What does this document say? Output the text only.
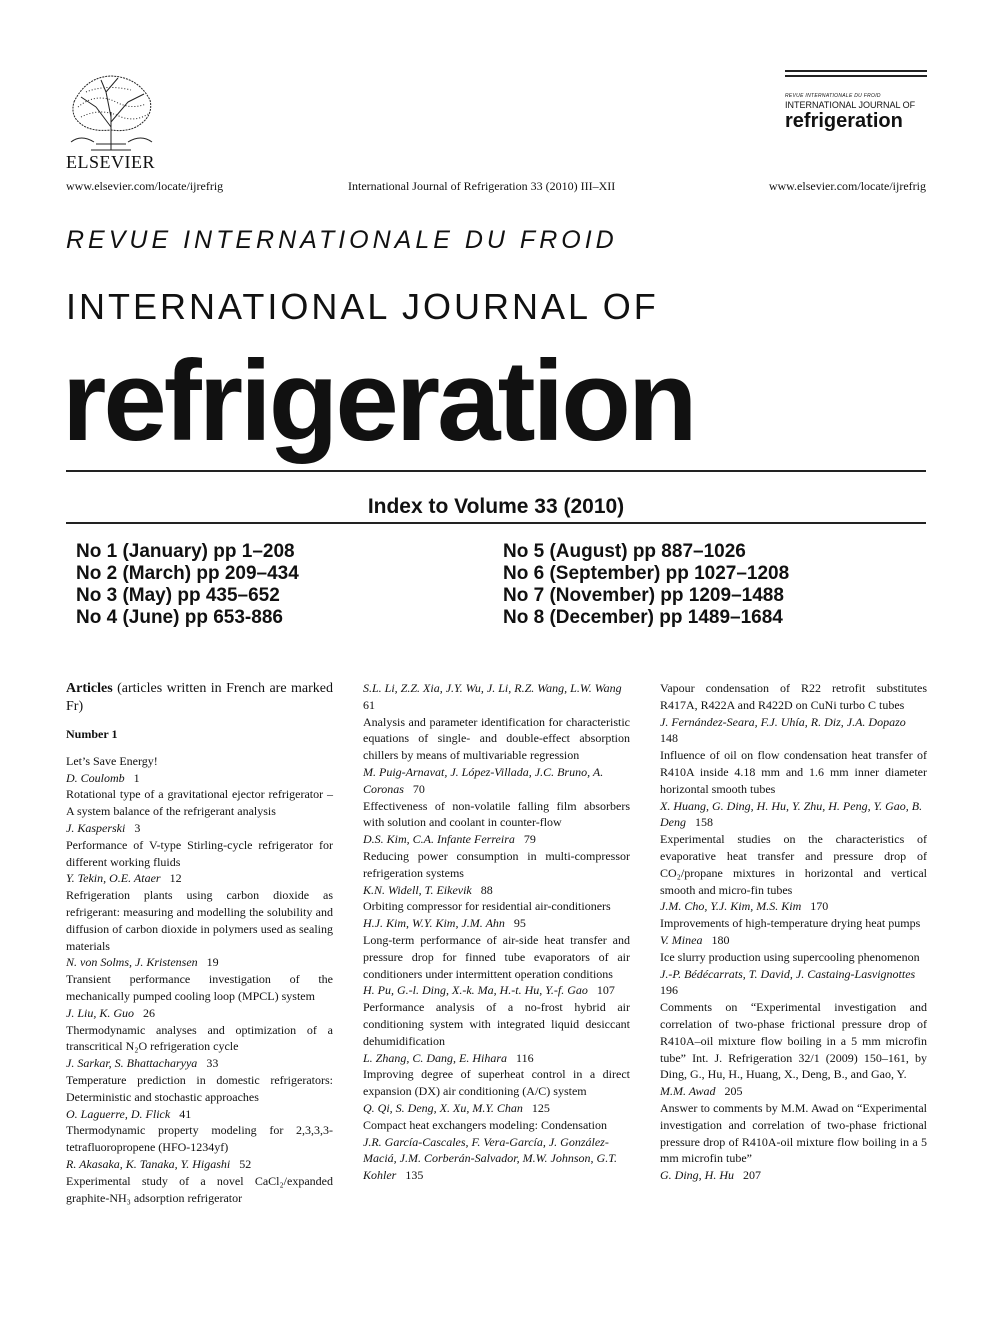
ELSEVIER
www.elsevier.com/locate/ijrefrig	International Journal of Refrigeration 33 (2010) III–XII	www.elsevier.com/locate/ijrefrig
REVUE INTERNATIONALE DU FROID
INTERNATIONAL JOURNAL OF
refrigeration
REVUE INTERNATIONALE DU FROID
INTERNATIONAL JOURNAL OF
refrigeration
Index to Volume 33 (2010)
No 1 (January) pp 1–208
No 2 (March) pp 209–434
No 3 (May) pp 435–652
No 4 (June) pp 653-886
No 5 (August) pp 887–1026
No 6 (September) pp 1027–1208
No 7 (November) pp 1209–1488
No 8 (December) pp 1489–1684

Articles (articles written in French are marked Fr)

Number 1

Let’s Save Energy!

D. Coulomb  1

Rotational type of a gravitational ejector refrigerator – A system balance of the refrigerant analysis

J. Kasperski  3

Performance of V-type Stirling-cycle refrigerator for different working fluids

Y. Tekin, O.E. Ataer  12

Refrigeration plants using carbon dioxide as refrigerant: measuring and modelling the solubility and diffusion of carbon dioxide in polymers used as sealing materials

N. von Solms, J. Kristensen  19

Transient performance investigation of the mechanically pumped cooling loop (MPCL) system

J. Liu, K. Guo  26

Thermodynamic analyses and optimization of a transcritical N₂O refrigeration cycle

J. Sarkar, S. Bhattacharyya  33

Temperature prediction in domestic refrigerators: Deterministic and stochastic approaches

O. Laguerre, D. Flick  41

Thermodynamic property modeling for 2,3,3,3-tetrafluoropropene (HFO-1234yf)

R. Akasaka, K. Tanaka, Y. Higashi  52

Experimental study of a novel CaCl₂/expanded graphite-NH₃ adsorption refrigerator

S.L. Li, Z.Z. Xia, J.Y. Wu, J. Li, R.Z. Wang, L.W. Wang  61

Analysis and parameter identification for characteristic equations of single- and double-effect absorption chillers by means of multivariable regression

M. Puig-Arnavat, J. López-Villada, J.C. Bruno, A. Coronas  70

Effectiveness of non-volatile falling film absorbers with solution and coolant in counter-flow

D.S. Kim, C.A. Infante Ferreira  79

Reducing power consumption in multi-compressor refrigeration systems

K.N. Widell, T. Eikevik  88

Orbiting compressor for residential air-conditioners

H.J. Kim, W.Y. Kim, J.M. Ahn  95

Long-term performance of air-side heat transfer and pressure drop for finned tube evaporators of air conditioners under intermittent operation conditions

H. Pu, G.-l. Ding, X.-k. Ma, H.-t. Hu, Y.-f. Gao  107

Performance analysis of a no-frost hybrid air conditioning system with integrated liquid desiccant dehumidification

L. Zhang, C. Dang, E. Hihara  116

Improving degree of superheat control in a direct expansion (DX) air conditioning (A/C) system

Q. Qi, S. Deng, X. Xu, M.Y. Chan  125

Compact heat exchangers modeling: Condensation

J.R. García-Cascales, F. Vera-García, J. González-Maciá, J.M. Corberán-Salvador, M.W. Johnson, G.T. Kohler  135

Vapour condensation of R22 retrofit substitutes R417A, R422A and R422D on CuNi turbo C tubes

J. Fernández-Seara, F.J. Uhía, R. Diz, J.A. Dopazo  148

Influence of oil on flow condensation heat transfer of R410A inside 4.18 mm and 1.6 mm inner diameter horizontal smooth tubes

X. Huang, G. Ding, H. Hu, Y. Zhu, H. Peng, Y. Gao, B. Deng  158

Experimental studies on the characteristics of evaporative heat transfer and pressure drop of CO₂/propane mixtures in horizontal and vertical smooth and micro-fin tubes

J.M. Cho, Y.J. Kim, M.S. Kim  170

Improvements of high-temperature drying heat pumps

V. Minea  180

Ice slurry production using supercooling phenomenon

J.-P. Bédécarrats, T. David, J. Castaing-Lasvignottes  196

Comments on “Experimental investigation and correlation of two-phase frictional pressure drop of R410A–oil mixture flow boiling in a 5 mm microfin tube” Int. J. Refrigeration 32/1 (2009) 150–161, by Ding, G., Hu, H., Huang, X., Deng, B., and Gao, Y.

M.M. Awad  205

Answer to comments by M.M. Awad on “Experimental investigation and correlation of two-phase frictional pressure drop of R410A-oil mixture flow boiling in a 5 mm microfin tube”

G. Ding, H. Hu  207
